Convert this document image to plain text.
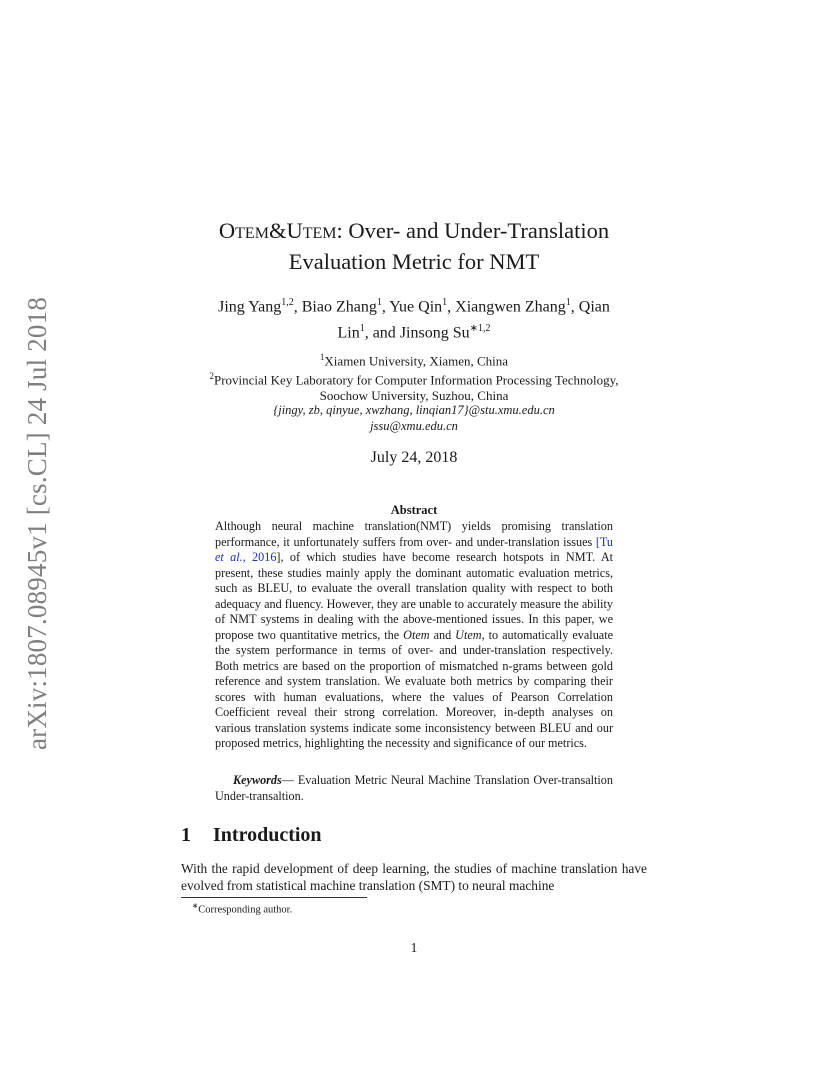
arXiv:1807.08945v1 [cs.CL] 24 Jul 2018
Otem&Utem: Over- and Under-Translation
Evaluation Metric for NMT
Jing Yang$^{1,2}$, Biao Zhang$^1$, Yue Qin$^1$, Xiangwen Zhang$^1$, Qian
Lin$^1$, and Jinsong $Su^{∗1,2}$
$^1$Xiamen University, Xiamen, China
$^2$Provincial Key Laboratory for Computer Information Processing Technology,
Soochow University, Suzhou, China
{jingy, zb, qinyue, xwzhang, linqian17}@stu.xmu.edu.cn
jssu@xmu.edu.cn
July 24, 2018
Abstract

Although neural machine translation(NMT) yields promising translation performance, it unfortunately suffers from over- and under-translation issues [Tu et al., 2016], of which studies have become research hotspots in NMT. At present, these studies mainly apply the dominant automatic evaluation metrics, such as BLEU, to evaluate the overall translation quality with respect to both adequacy and fluency. However, they are unable to accurately measure the ability of NMT systems in dealing with the above-mentioned issues. In this paper, we propose two quantitative metrics, the Otem and Utem, to automatically evaluate the system performance in terms of over- and under-translation respectively. Both metrics are based on the proportion of mismatched n-grams between gold reference and system translation. We evaluate both metrics by comparing their scores with human evaluations, where the values of Pearson Correlation Coefficient reveal their strong correlation. Moreover, in-depth analyses on various translation systems indicate some inconsistency between BLEU and our proposed metrics, highlighting the necessity and significance of our metrics.

Keywords— Evaluation Metric Neural Machine Translation Over-transaltion Under-transaltion.

1 Introduction

With the rapid development of deep learning, the studies of machine translation have evolved from statistical machine translation (SMT) to neural machine

∗Corresponding author.
1
